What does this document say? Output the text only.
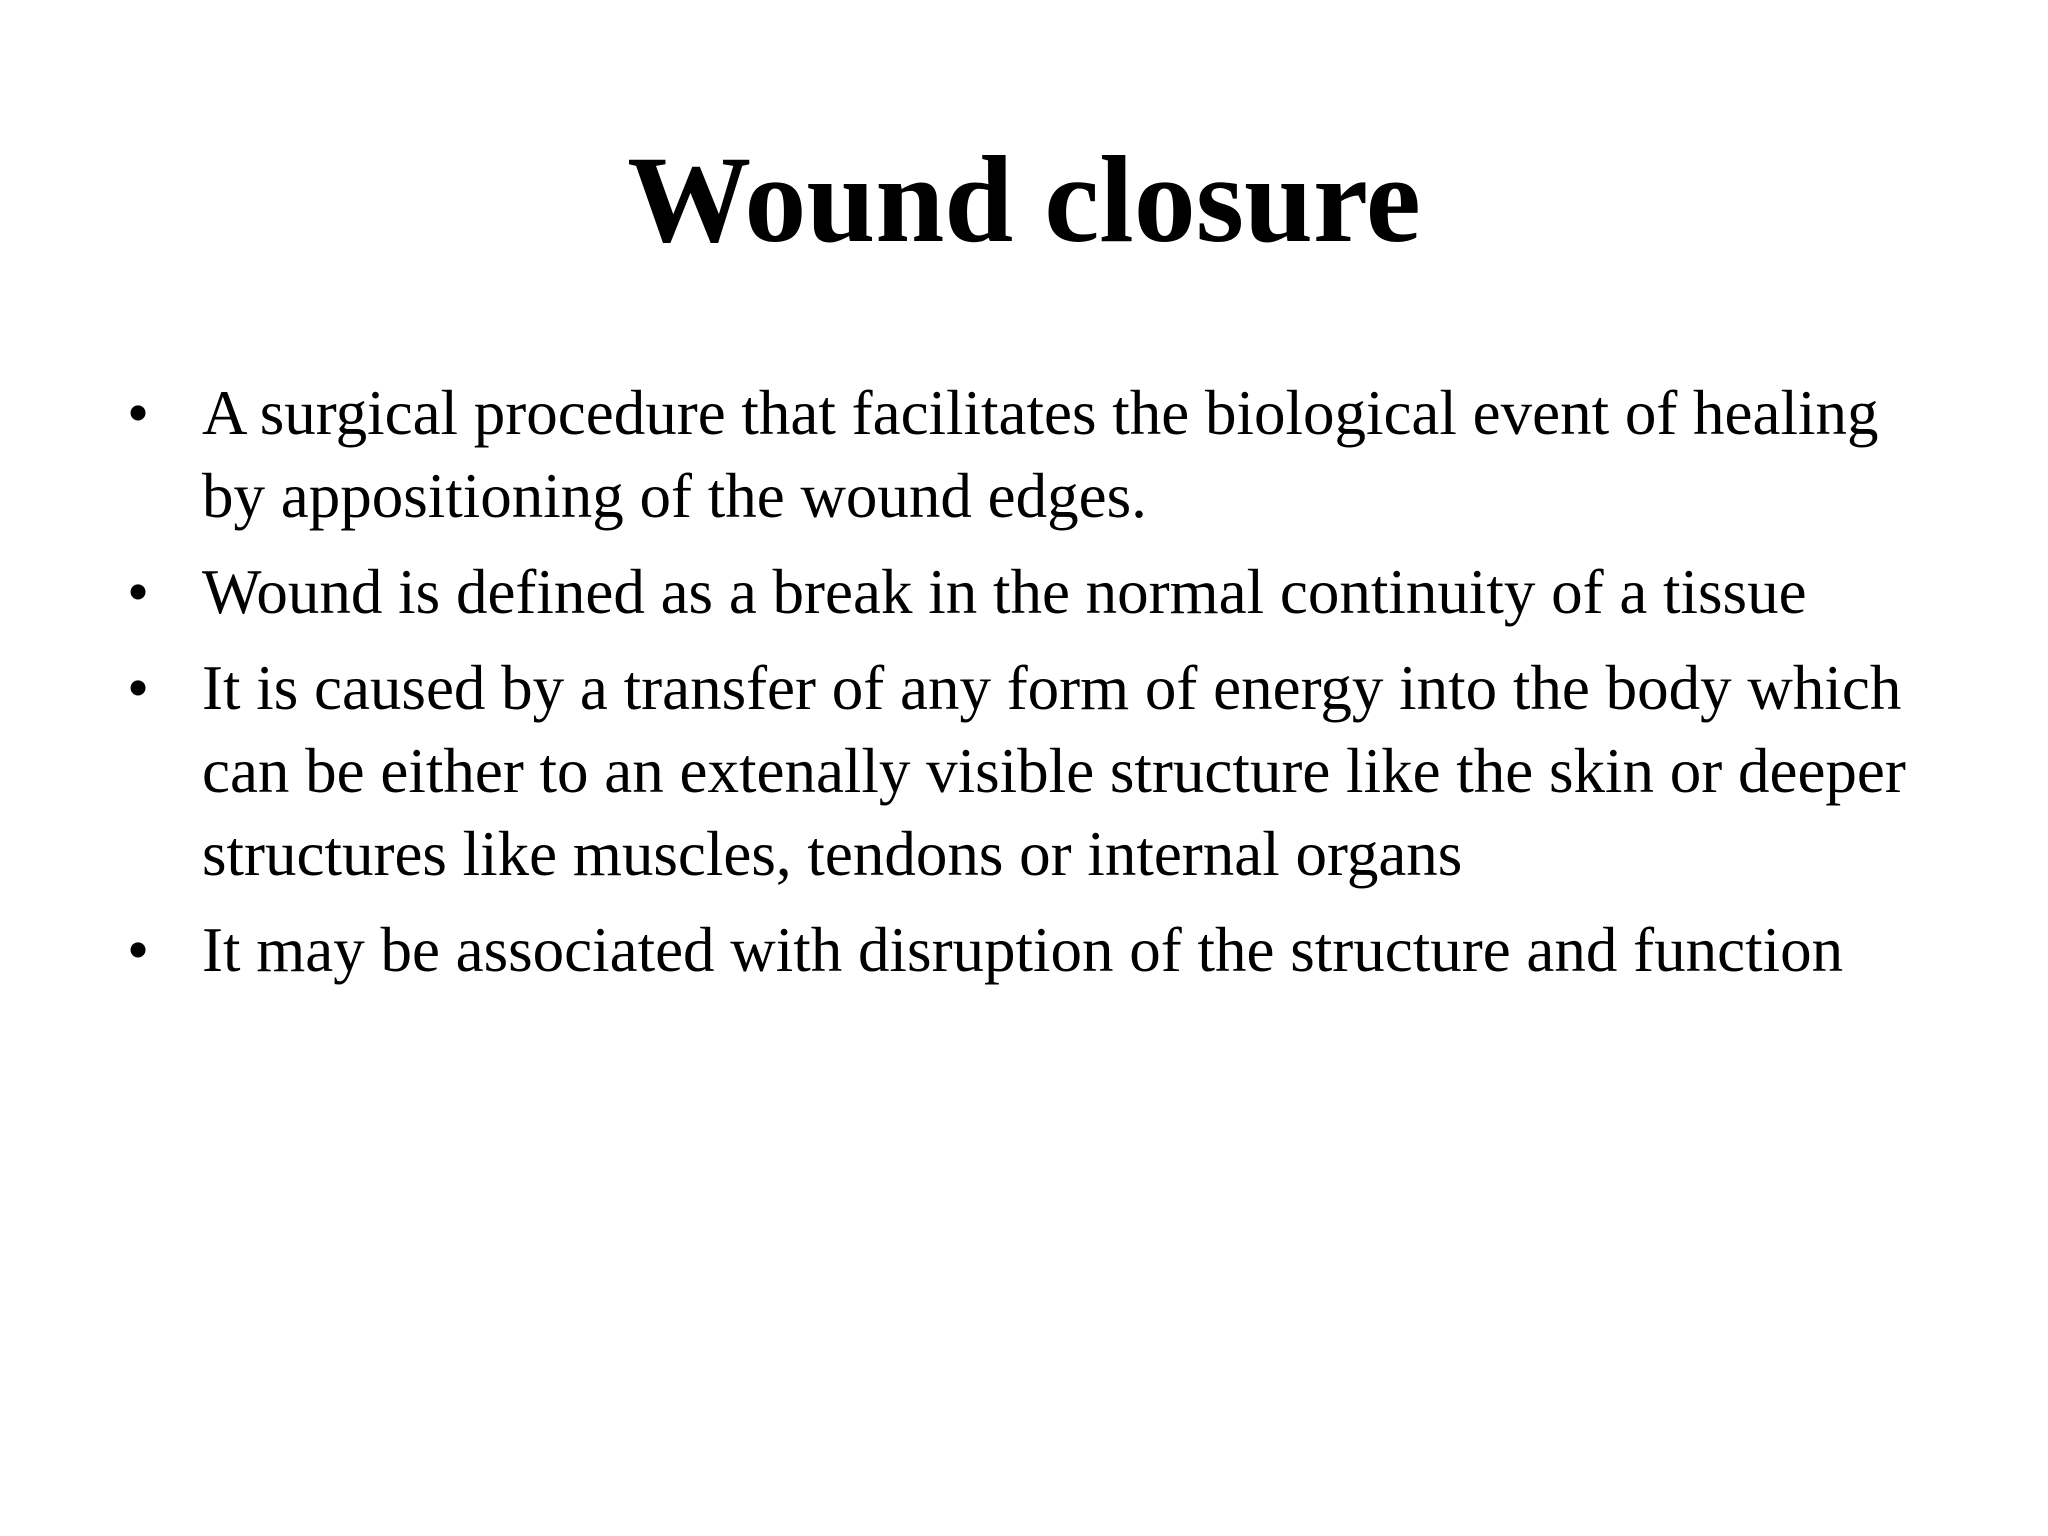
Wound closure
• A surgical procedure that facilitates the biological event of healing by appositioning of the wound edges.
• Wound is defined as a break in the normal continuity of a tissue
• It is caused by a transfer of any form of energy into the body which can be either to an extenally visible structure like the skin or deeper structures like muscles, tendons or internal organs
• It may be associated with disruption of the structure and function
